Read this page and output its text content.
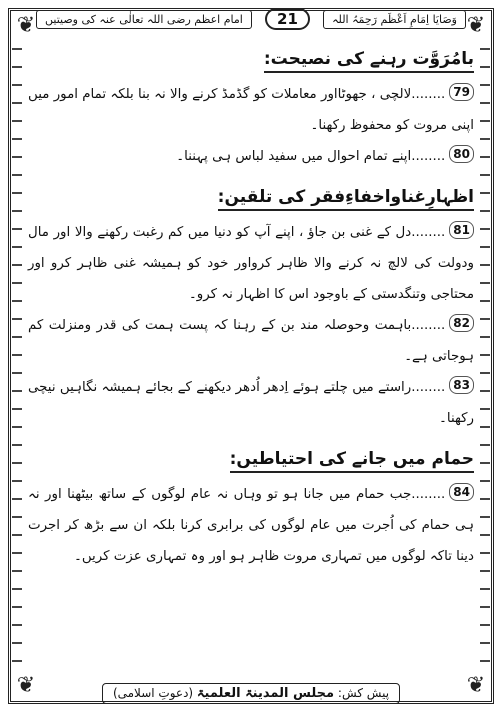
❦	❦
❦	❦
وَصَايَا اِمَامِ اَعْظَم رَحِمَہُ اللہ
21
امام اعظم رضی اللہ تعالٰی عنہ کی وصیتیں
بامُرَوَّت رہنے کی نصیحت:

79........لالچی ، جھوٹااور معاملات کو گڈمڈ کرنے والا نہ بنا بلکہ تمام امور میں اپنی مروت کو محفوظ رکھنا۔

80........اپنے تمام احوال میں سفید لباس ہی پہننا۔

اظہارِغناواخفاءِفقر کی تلقین:

81........دل کے غنی بن جاؤ ، اپنے آپ کو دنیا میں کم رغبت رکھنے والا اور مال ودولت کی لالچ نہ کرنے والا ظاہر کرواور خود کو ہمیشہ غنی ظاہر کرو اور محتاجی وتنگدستی کے باوجود اس کا اظہار نہ کرو۔

82........باہمت وحوصلہ مند بن کے رہنا کہ پست ہمت کی قدر ومنزلت کم ہوجاتی ہے۔

83........راستے میں چلتے ہوئے اِدھر اُدھر دیکھنے کے بجائے ہمیشہ نگاہیں نیچی رکھنا۔

حمام میں جانے کی احتیاطیں:

84........جب حمام میں جانا ہو تو وہاں نہ عام لوگوں کے ساتھ بیٹھنا اور نہ ہی حمام کی اُجرت میں عام لوگوں کی برابری کرنا بلکہ ان سے بڑھ کر اجرت دینا تاکہ لوگوں میں تمہاری مروت ظاہر ہو اور وہ تمہاری عزت کریں۔

پیش کش: مجلس المدینۃ العلمیۃ (دعوتِ اسلامی)
